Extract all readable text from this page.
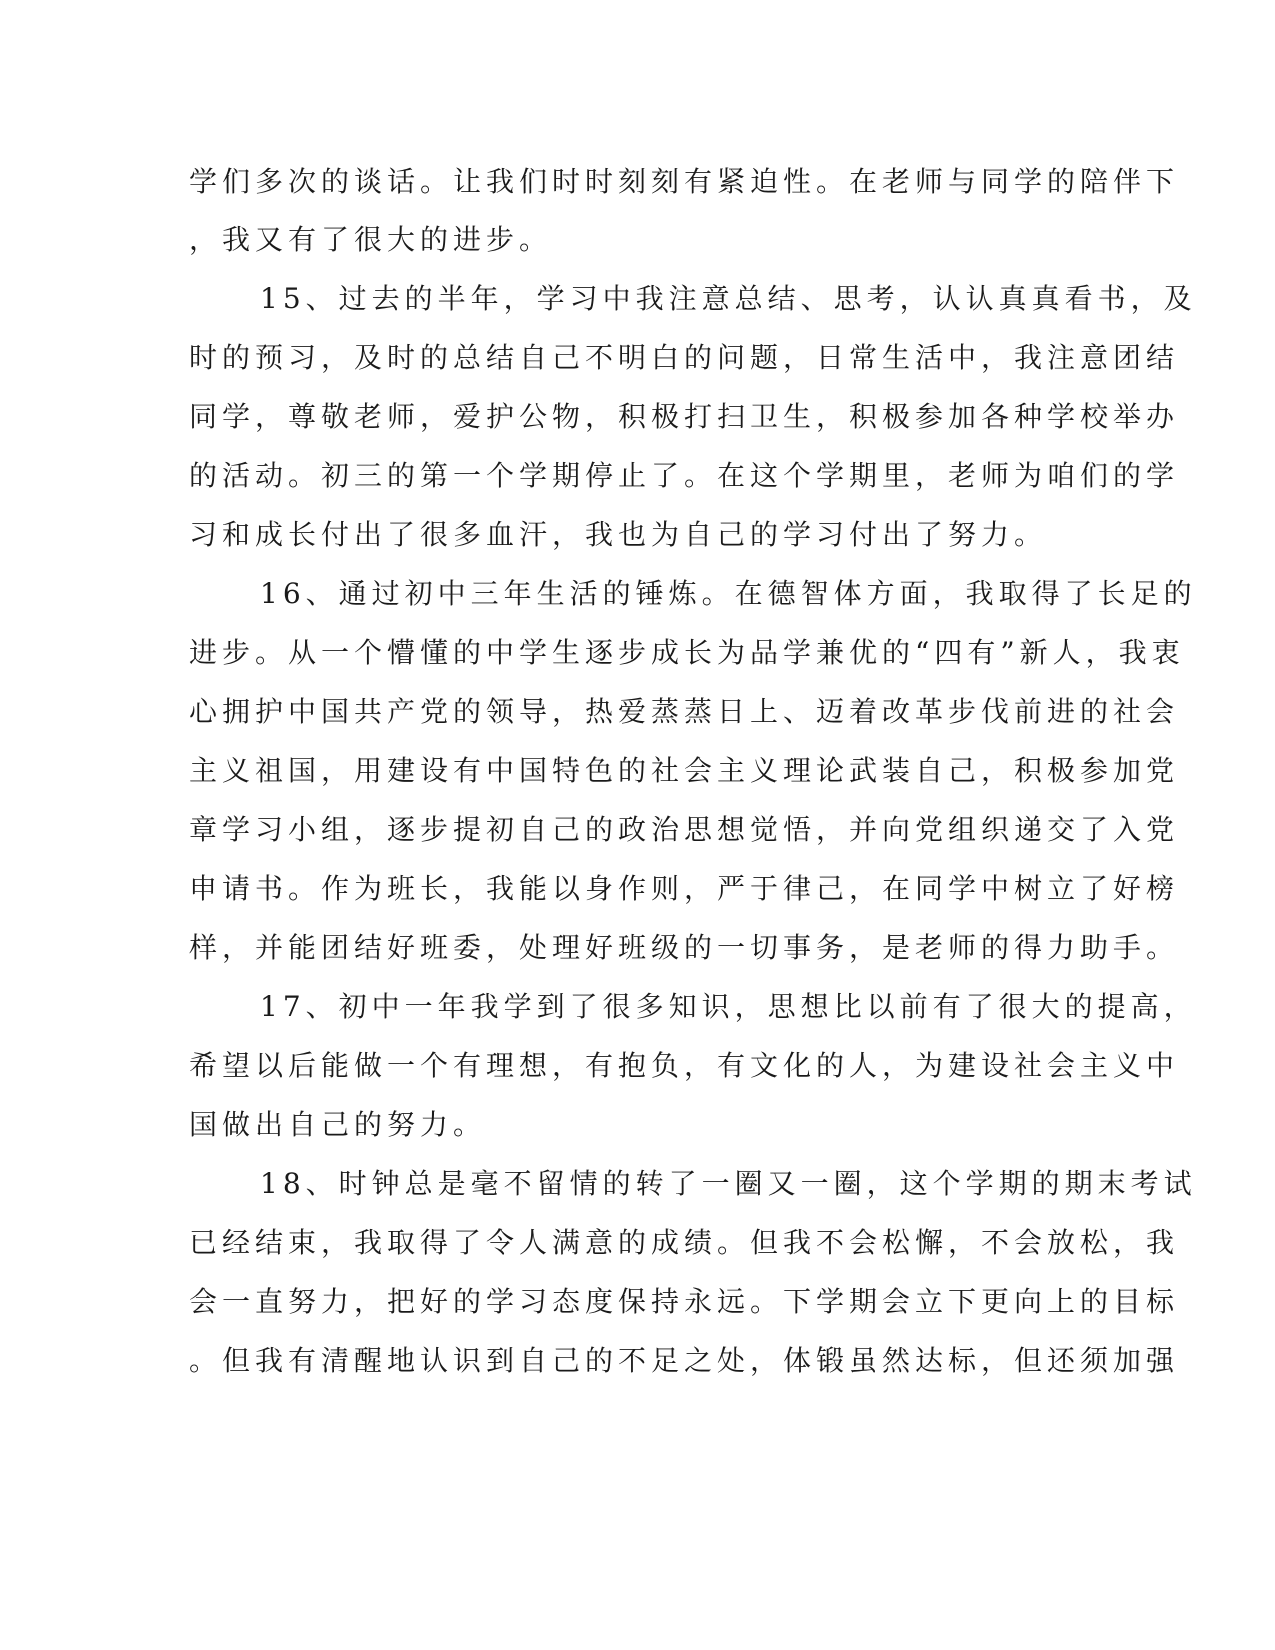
学们多次的谈话。让我们时时刻刻有紧迫性。在老师与同学的陪伴下
，我又有了很大的进步。
15、过去的半年，学习中我注意总结、思考，认认真真看书，及
时的预习，及时的总结自己不明白的问题，日常生活中，我注意团结
同学，尊敬老师，爱护公物，积极打扫卫生，积极参加各种学校举办
的活动。初三的第一个学期停止了。在这个学期里，老师为咱们的学
习和成长付出了很多血汗，我也为自己的学习付出了努力。
16、通过初中三年生活的锤炼。在德智体方面，我取得了长足的
进步。从一个懵懂的中学生逐步成长为品学兼优的“四有”新人，我衷
心拥护中国共产党的领导，热爱蒸蒸日上、迈着改革步伐前进的社会
主义祖国，用建设有中国特色的社会主义理论武装自己，积极参加党
章学习小组，逐步提初自己的政治思想觉悟，并向党组织递交了入党
申请书。作为班长，我能以身作则，严于律己，在同学中树立了好榜
样，并能团结好班委，处理好班级的一切事务，是老师的得力助手。
17、初中一年我学到了很多知识，思想比以前有了很大的提高，
希望以后能做一个有理想，有抱负，有文化的人，为建设社会主义中
国做出自己的努力。
18、时钟总是毫不留情的转了一圈又一圈，这个学期的期末考试
已经结束，我取得了令人满意的成绩。但我不会松懈，不会放松，我
会一直努力，把好的学习态度保持永远。下学期会立下更向上的目标
。但我有清醒地认识到自己的不足之处，体锻虽然达标，但还须加强
